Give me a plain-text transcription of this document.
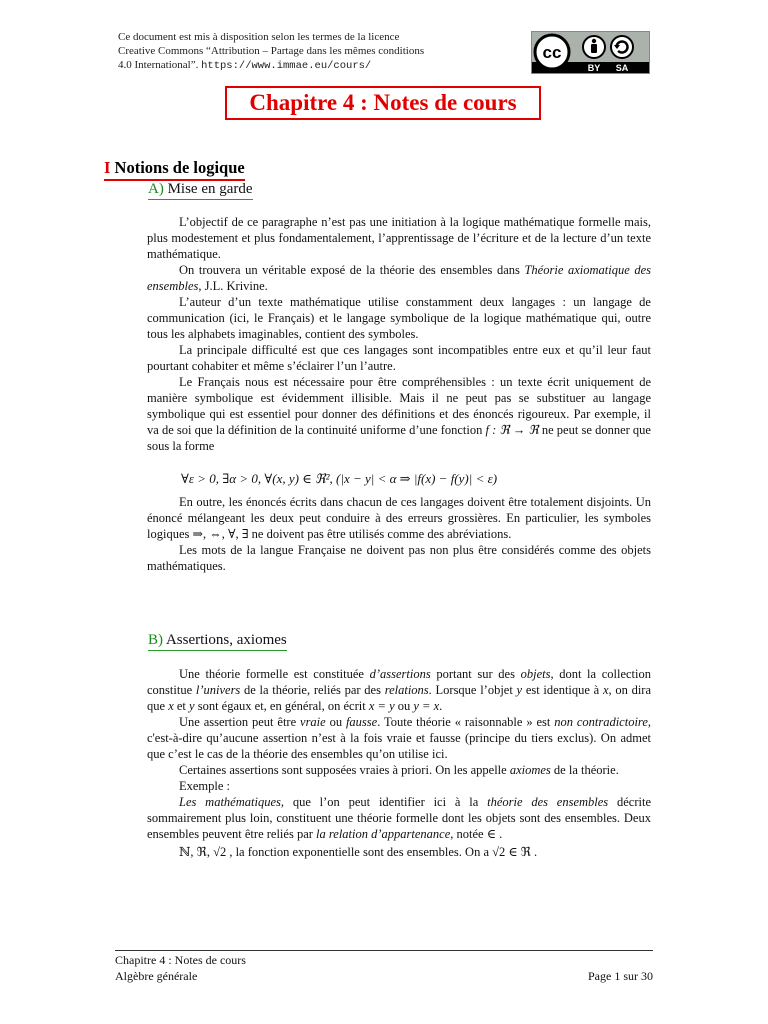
Ce document est mis à disposition selon les termes de la licence
Creative Commons “Attribution – Partage dans les mêmes conditions
4.0 International”. https://www.immae.eu/cours/
cc
BY SA
Chapitre 4 : Notes de cours
I Notions de logique
A) Mise en garde

L’objectif de ce paragraphe n’est pas une initiation à la logique mathématique formelle mais, plus modestement et plus fondamentalement, l’apprentissage de l’écriture et de la lecture d’un texte mathématique.

On trouvera un véritable exposé de la théorie des ensembles dans Théorie axiomatique des ensembles, J.L. Krivine.

L’auteur d’un texte mathématique utilise constamment deux langages : un langage de communication (ici, le Français) et le langage symbolique de la logique mathématique qui, outre tous les alphabets imaginables, contient des symboles.

La principale difficulté est que ces langages sont incompatibles entre eux et qu’il leur faut pourtant cohabiter et même s’éclairer l’un l’autre.

Le Français nous est nécessaire pour être compréhensibles : un texte écrit uniquement de manière symbolique est évidemment illisible. Mais il ne peut pas se substituer au langage symbolique qui est essentiel pour donner des définitions et des énoncés rigoureux. Par exemple, il va de soi que la définition de la continuité uniforme d’une fonction f : ℜ → ℜ ne peut se donner que sous la forme

∀ε > 0, ∃α > 0, ∀(x, y) ∈ ℜ², (|x − y| < α ⇒ |f(x) − f(y)| < ε)

En outre, les énoncés écrits dans chacun de ces langages doivent être totalement disjoints. Un énoncé mélangeant les deux peut conduire à des erreurs grossières. En particulier, les symboles logiques ⇒, ⇔, ∀, ∃ ne doivent pas être utilisés comme des abréviations.

Les mots de la langue Française ne doivent pas non plus être considérés comme des objets mathématiques.

B) Assertions, axiomes

Une théorie formelle est constituée d’assertions portant sur des objets, dont la collection constitue l’univers de la théorie, reliés par des relations. Lorsque l’objet y est identique à x, on dira que x et y sont égaux et, en général, on écrit x = y ou y = x.

Une assertion peut être vraie ou fausse. Toute théorie « raisonnable » est non contradictoire, c'est-à-dire qu’aucune assertion n’est à la fois vraie et fausse (principe du tiers exclus). On admet que c’est le cas de la théorie des ensembles qu’on utilise ici.

Certaines assertions sont supposées vraies à priori. On les appelle axiomes de la théorie.

Exemple :

Les mathématiques, que l’on peut identifier ici à la théorie des ensembles décrite sommairement plus loin, constituent une théorie formelle dont les objets sont des ensembles. Deux ensembles peuvent être reliés par la relation d’appartenance, notée ∈ .

ℕ, ℜ, √2 , la fonction exponentielle sont des ensembles. On a √2 ∈ ℜ .

Chapitre 4 : Notes de cours
Algèbre générale	Page 1 sur 30
